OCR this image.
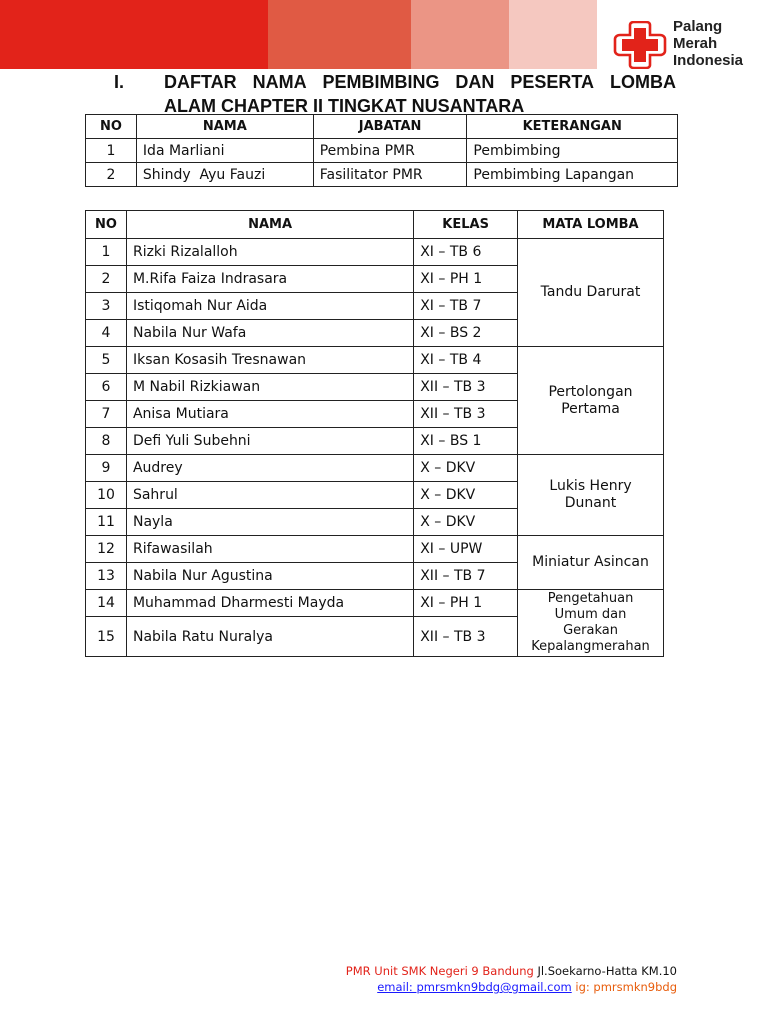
Palang
Merah
Indonesia
I. DAFTAR NAMA PEMBIMBING DAN PESERTA LOMBA
ALAM CHAPTER II TINGKAT NUSANTARA
NO	NAMA	JABATAN	KETERANGAN
1	Ida Marliani	Pembina PMR	Pembimbing
2	Shindy  Ayu Fauzi	Fasilitator PMR	Pembimbing Lapangan
NO	NAMA	KELAS	MATA LOMBA
1	Rizki Rizalalloh	XI – TB 6	Tandu Darurat

2	M.Rifa Faiza Indrasara	XI – PH 1	
3	Istiqomah Nur Aida	XI – TB 7	
4	Nabila Nur Wafa	XI – BS 2	
5	Iksan Kosasih Tresnawan	XI – TB 4	Pertolongan
Pertama

6	M Nabil Rizkiawan	XII – TB 3	
7	Anisa Mutiara	XII – TB 3	
8	Defi Yuli Subehni	XI – BS 1	
9	Audrey	X – DKV	Lukis Henry
Dunant

10	Sahrul	X – DKV	
11	Nayla	X – DKV	
12	Rifawasilah	XI – UPW	Miniatur Asincan

13	Nabila Nur Agustina	XII – TB 7	
14	Muhammad Dharmesti Mayda	XI – PH 1	Pengetahuan
Umum dan
Gerakan
Kepalangmerahan

15	Nabila Ratu Nuralya	XII – TB 3	
PMR Unit SMK Negeri 9 Bandung Jl.Soekarno-Hatta KM.10
email: pmrsmkn9bdg@gmail.com ig: pmrsmkn9bdg
